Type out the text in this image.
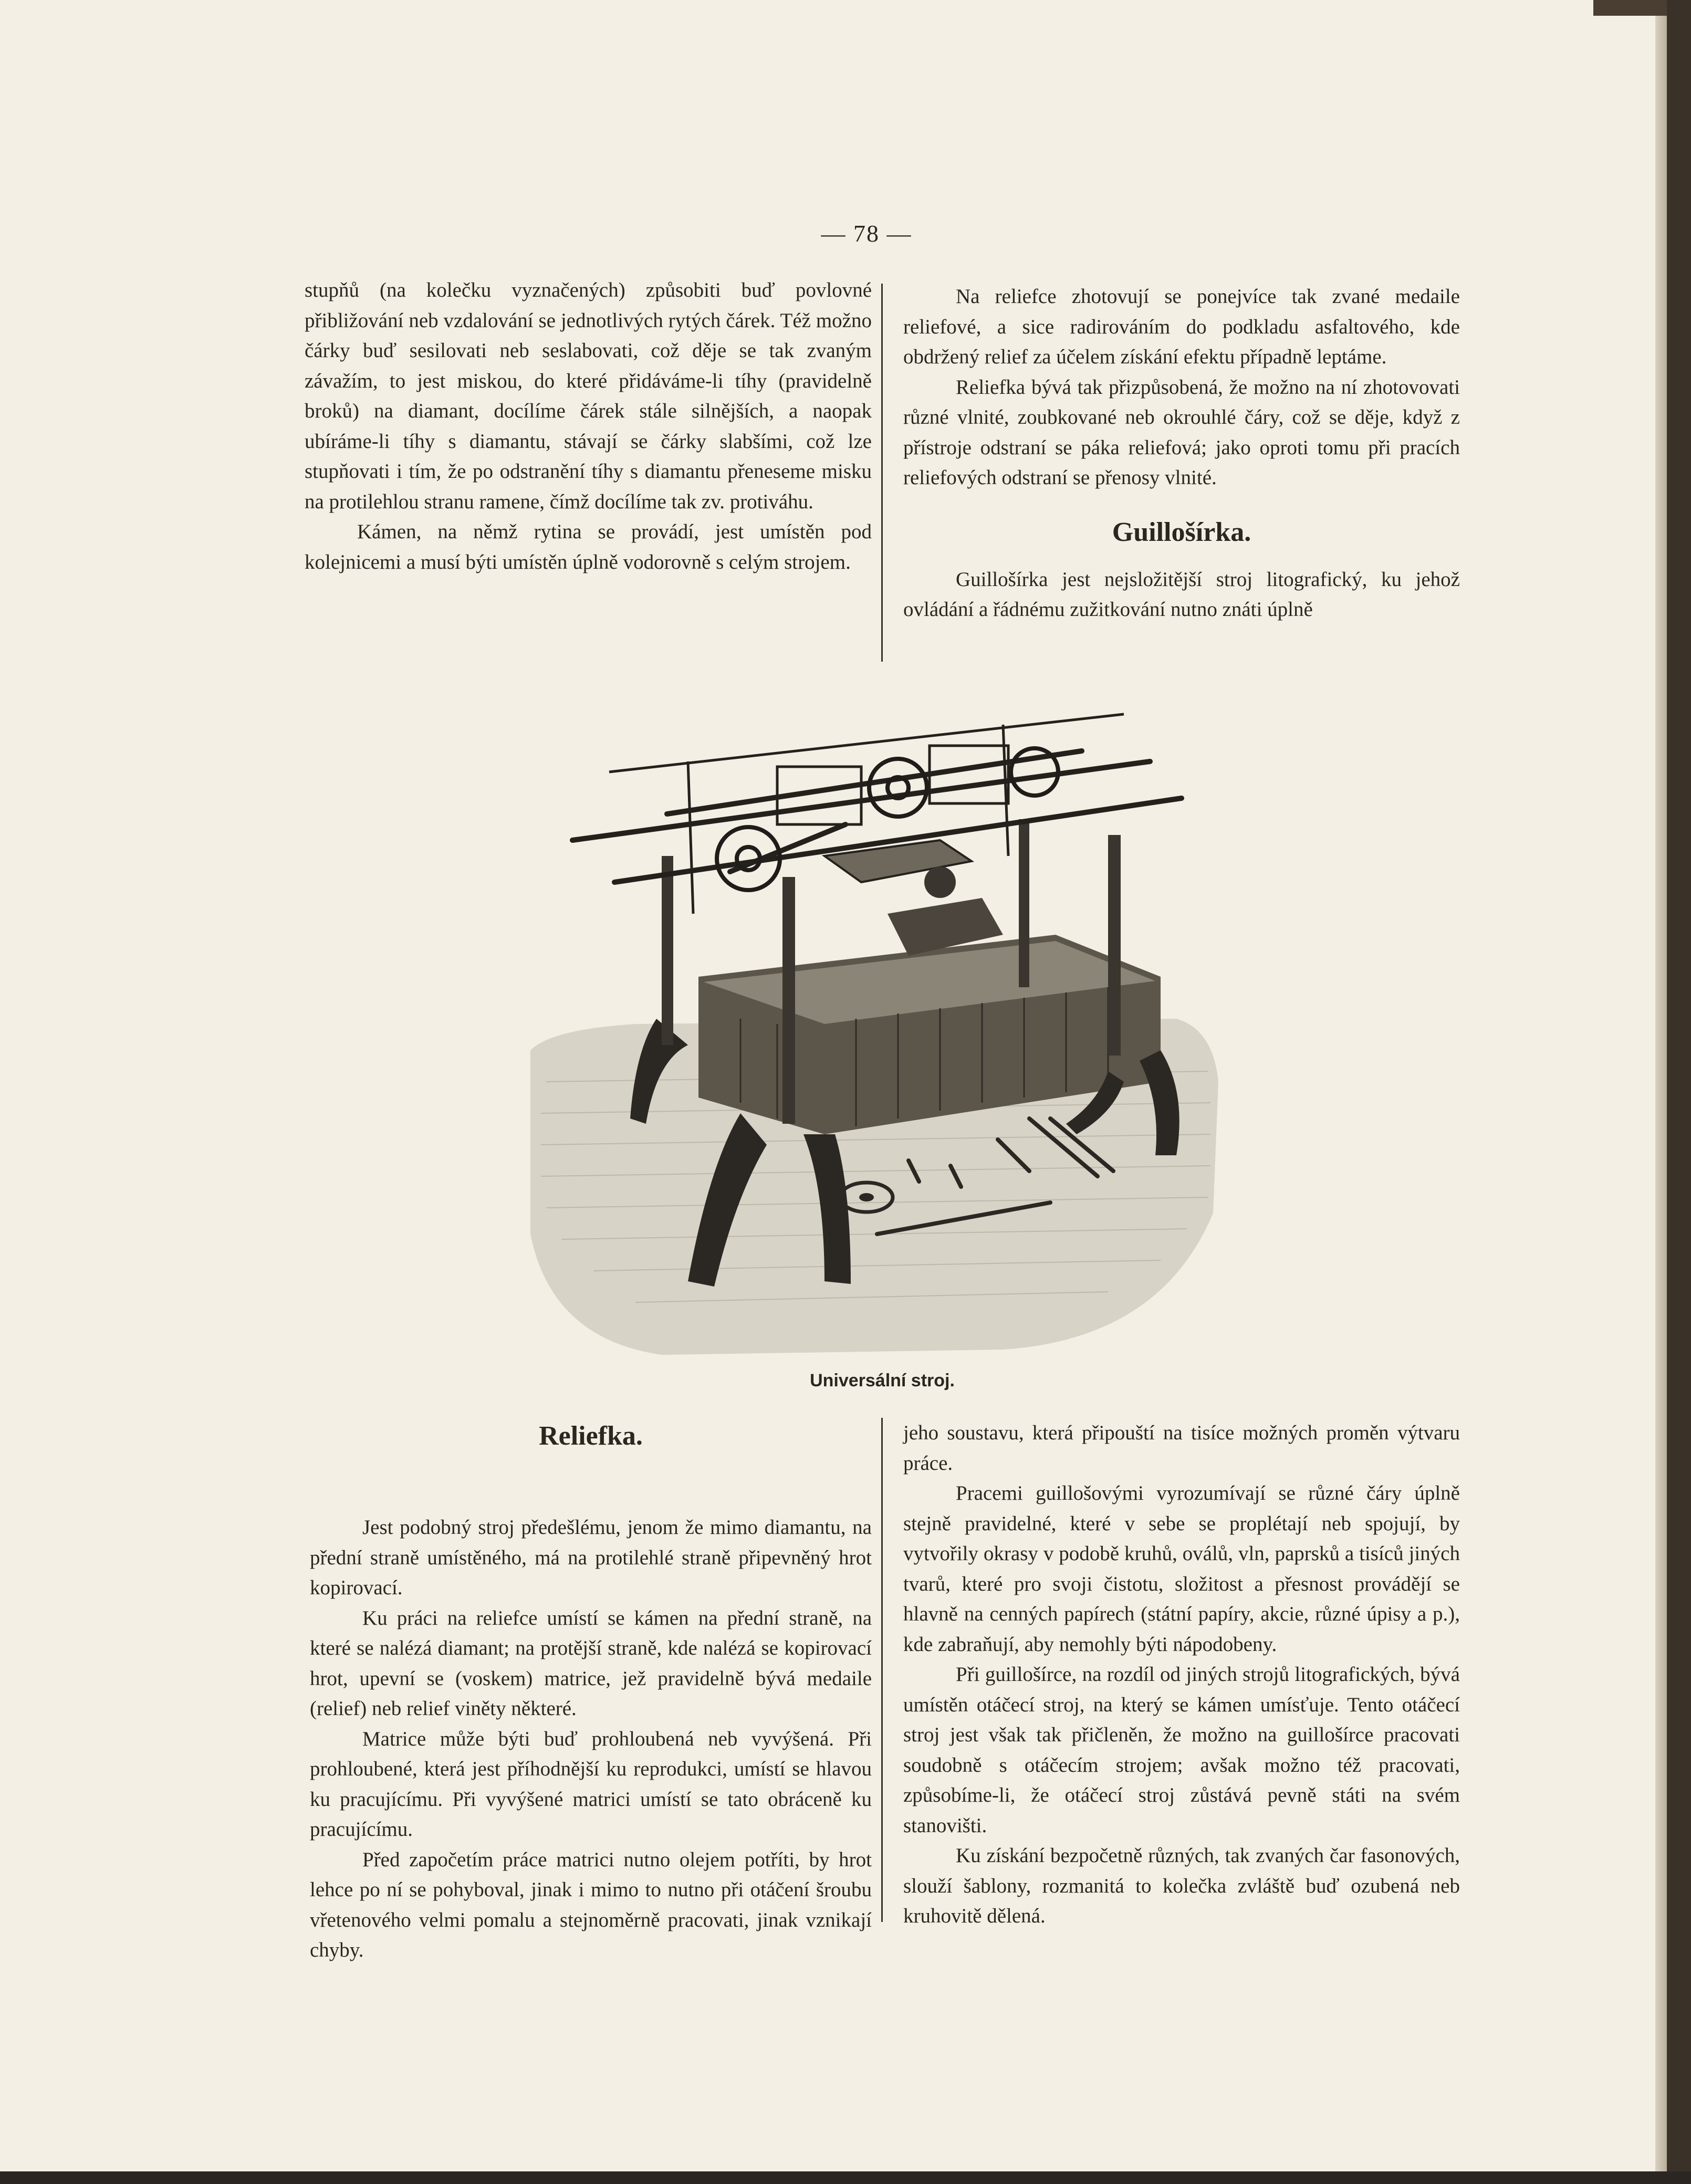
— 78 —

stupňů (na kolečku vyznačených) způsobiti buď povlovné přibližování neb vzdalování se jednotlivých rytých čárek. Též možno čárky buď sesilovati neb seslabovati, což děje se tak zvaným závažím, to jest miskou, do které přidáváme-li tíhy (pravidelně broků) na diamant, docílíme čárek stále silnějších, a naopak ubíráme-li tíhy s diamantu, stávají se čárky slabšími, což lze stupňovati i tím, že po odstranění tíhy s diamantu přeneseme misku na protilehlou stranu ramene, čímž docílíme tak zv. protiváhu.

Kámen, na němž rytina se provádí, jest umístěn pod kolejnicemi a musí býti umístěn úplně vodorovně s celým strojem.

Na reliefce zhotovují se ponejvíce tak zvané medaile reliefové, a sice radirováním do podkladu asfaltového, kde obdržený relief za účelem získání efektu případně leptáme.

Reliefka bývá tak přizpůsobená, že možno na ní zhotovovati různé vlnité, zoubkované neb okrouhlé čáry, což se děje, když z přístroje odstraní se páka reliefová; jako oproti tomu při pracích reliefových odstraní se přenosy vlnité.

Guillošírka.

Guillošírka jest nejsložitější stroj litografický, ku jehož ovládání a řádnému zužitkování nutno znáti úplně

Universální stroj.
Reliefka.

Jest podobný stroj předešlému, jenom že mimo diamantu, na přední straně umístěného, má na protilehlé straně připevněný hrot kopirovací.

Ku práci na reliefce umístí se kámen na přední straně, na které se nalézá diamant; na protější straně, kde nalézá se kopirovací hrot, upevní se (voskem) matrice, jež pravidelně bývá medaile (relief) neb relief viněty některé.

Matrice může býti buď prohloubená neb vyvýšená. Při prohloubené, která jest příhodnější ku reprodukci, umístí se hlavou ku pracujícímu. Při vyvýšené matrici umístí se tato obráceně ku pracujícímu.

Před započetím práce matrici nutno olejem potříti, by hrot lehce po ní se pohyboval, jinak i mimo to nutno při otáčení šroubu vřetenového velmi pomalu a stejnoměrně pracovati, jinak vznikají chyby.

jeho soustavu, která připouští na tisíce možných proměn výtvaru práce.

Pracemi guillošovými vyrozumívají se různé čáry úplně stejně pravidelné, které v sebe se proplétají neb spojují, by vytvořily okrasy v podobě kruhů, oválů, vln, paprsků a tisíců jiných tvarů, které pro svoji čistotu, složitost a přesnost provádějí se hlavně na cenných papírech (státní papíry, akcie, různé úpisy a p.), kde zabraňují, aby nemohly býti nápodobeny.

Při guillošírce, na rozdíl od jiných strojů litografických, bývá umístěn otáčecí stroj, na který se kámen umísťuje. Tento otáčecí stroj jest však tak přičleněn, že možno na guillošírce pracovati soudobně s otáčecím strojem; avšak možno též pracovati, způsobíme-li, že otáčecí stroj zůstává pevně státi na svém stanovišti.

Ku získání bezpočetně různých, tak zvaných čar fasonových, slouží šablony, rozmanitá to kolečka zvláště buď ozubená neb kruhovitě dělená.
